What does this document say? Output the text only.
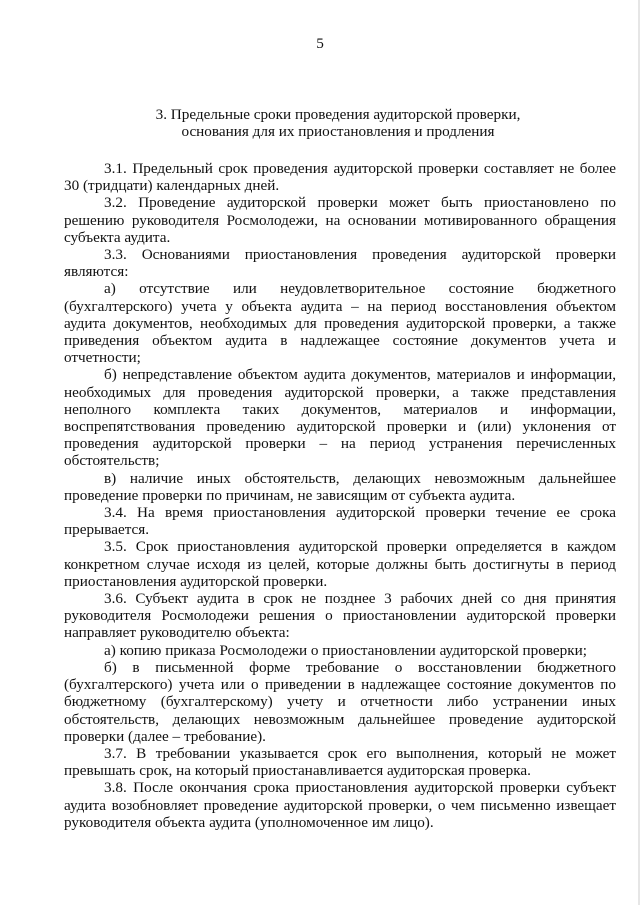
5
3. Предельные сроки проведения аудиторской проверки,
основания для их приостановления и продления

3.1. Предельный срок проведения аудиторской проверки составляет не более 30 (тридцати) календарных дней.

3.2. Проведение аудиторской проверки может быть приостановлено по решению руководителя Росмолодежи, на основании мотивированного обращения субъекта аудита.

3.3. Основаниями приостановления проведения аудиторской проверки являются:

а) отсутствие или неудовлетворительное состояние бюджетного (бухгалтерского) учета у объекта аудита – на период восстановления объектом аудита документов, необходимых для проведения аудиторской проверки, а также приведения объектом аудита в надлежащее состояние документов учета и отчетности;

б) непредставление объектом аудита документов, материалов и информации, необходимых для проведения аудиторской проверки, а также представления неполного комплекта таких документов, материалов и информации, воспрепятствования проведению аудиторской проверки и (или) уклонения от проведения аудиторской проверки – на период устранения перечисленных обстоятельств;

в) наличие иных обстоятельств, делающих невозможным дальнейшее проведение проверки по причинам, не зависящим от субъекта аудита.

3.4. На время приостановления аудиторской проверки течение ее срока прерывается.

3.5. Срок приостановления аудиторской проверки определяется в каждом конкретном случае исходя из целей, которые должны быть достигнуты в период приостановления аудиторской проверки.

3.6. Субъект аудита в срок не позднее 3 рабочих дней со дня принятия руководителя Росмолодежи решения о приостановлении аудиторской проверки направляет руководителю объекта:

а) копию приказа Росмолодежи о приостановлении аудиторской проверки;

б) в письменной форме требование о восстановлении бюджетного (бухгалтерского) учета или о приведении в надлежащее состояние документов по бюджетному (бухгалтерскому) учету и отчетности либо устранении иных обстоятельств, делающих невозможным дальнейшее проведение аудиторской проверки (далее – требование).

3.7. В требовании указывается срок его выполнения, который не может превышать срок, на который приостанавливается аудиторская проверка.

3.8. После окончания срока приостановления аудиторской проверки субъект аудита возобновляет проведение аудиторской проверки, о чем письменно извещает руководителя объекта аудита (уполномоченное им лицо).
